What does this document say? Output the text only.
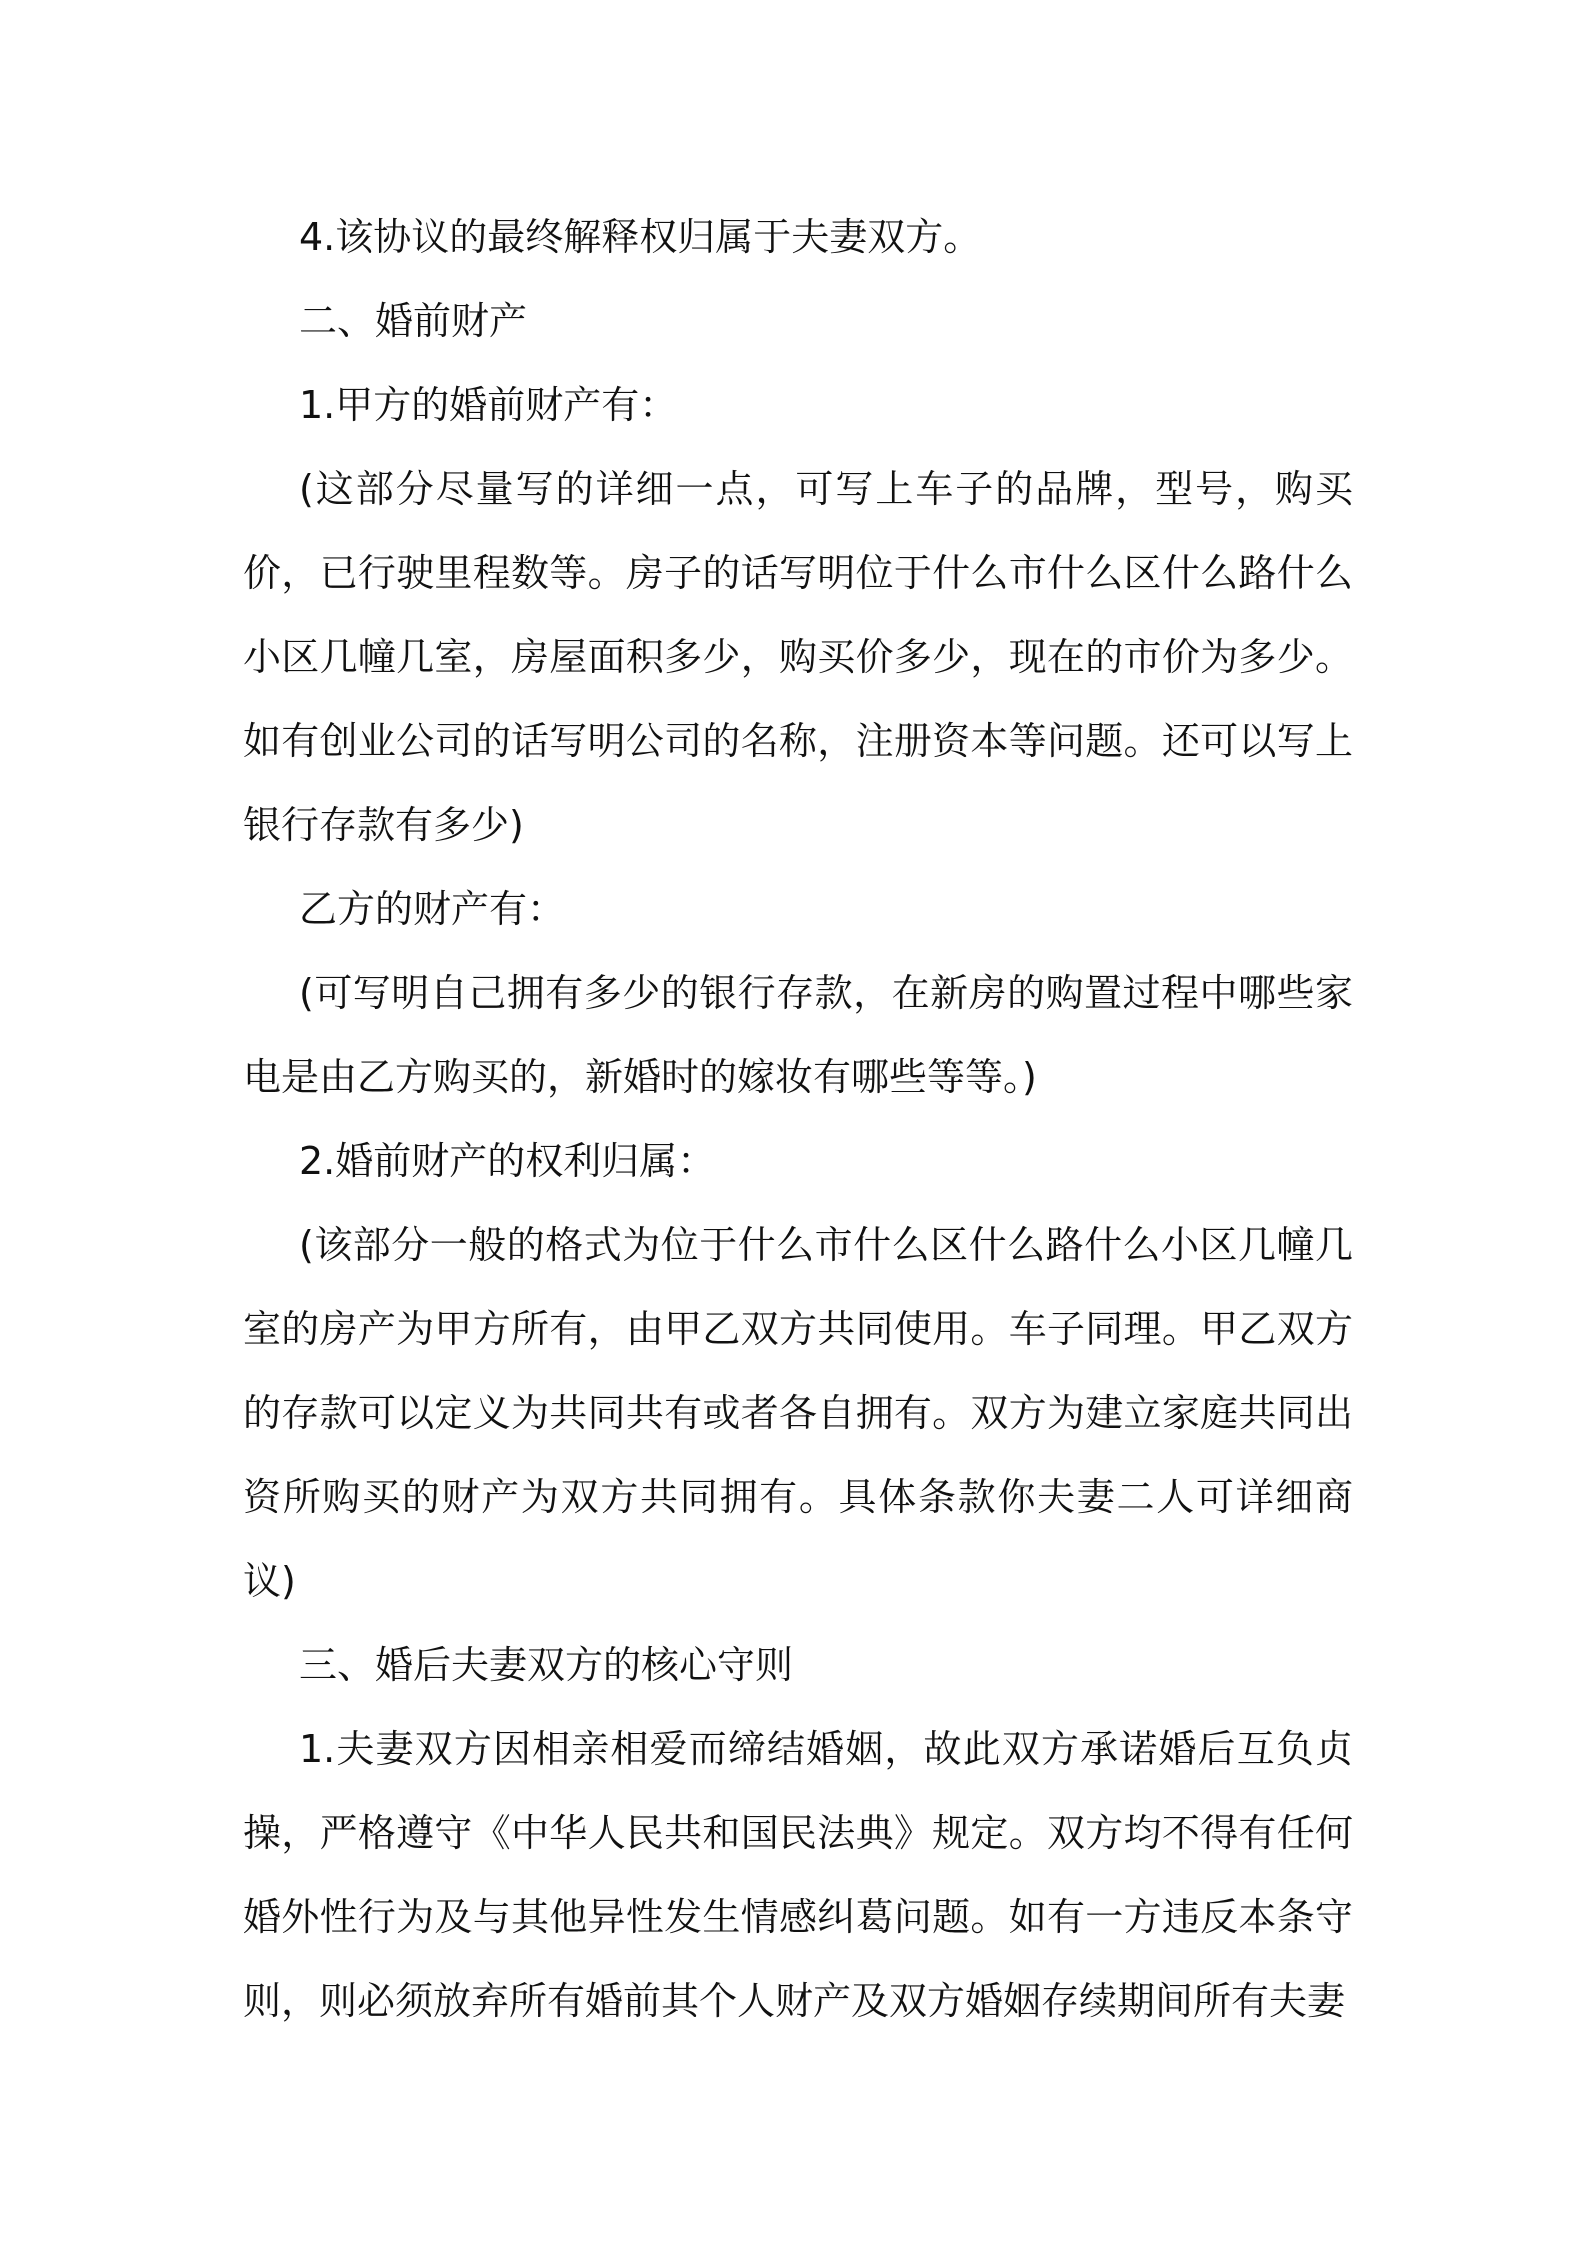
4.该协议的最终解释权归属于夫妻双方。

二、婚前财产

1.甲方的婚前财产有：

(这部分尽量写的详细一点，可写上车子的品牌，型号，购买价，已行驶里程数等。房子的话写明位于什么市什么区什么路什么小区几幢几室，房屋面积多少，购买价多少，现在的市价为多少。如有创业公司的话写明公司的名称，注册资本等问题。还可以写上银行存款有多少)

乙方的财产有：

(可写明自己拥有多少的银行存款，在新房的购置过程中哪些家电是由乙方购买的，新婚时的嫁妆有哪些等等。)

2.婚前财产的权利归属：

(该部分一般的格式为位于什么市什么区什么路什么小区几幢几室的房产为甲方所有，由甲乙双方共同使用。车子同理。甲乙双方的存款可以定义为共同共有或者各自拥有。双方为建立家庭共同出资所购买的财产为双方共同拥有。具体条款你夫妻二人可详细商议)

三、婚后夫妻双方的核心守则

1.夫妻双方因相亲相爱而缔结婚姻，故此双方承诺婚后互负贞操，严格遵守《中华人民共和国民法典》规定。双方均不得有任何婚外性行为及与其他异性发生情感纠葛问题。如有一方违反本条守则，则必须放弃所有婚前其个人财产及双方婚姻存续期间所有夫妻
